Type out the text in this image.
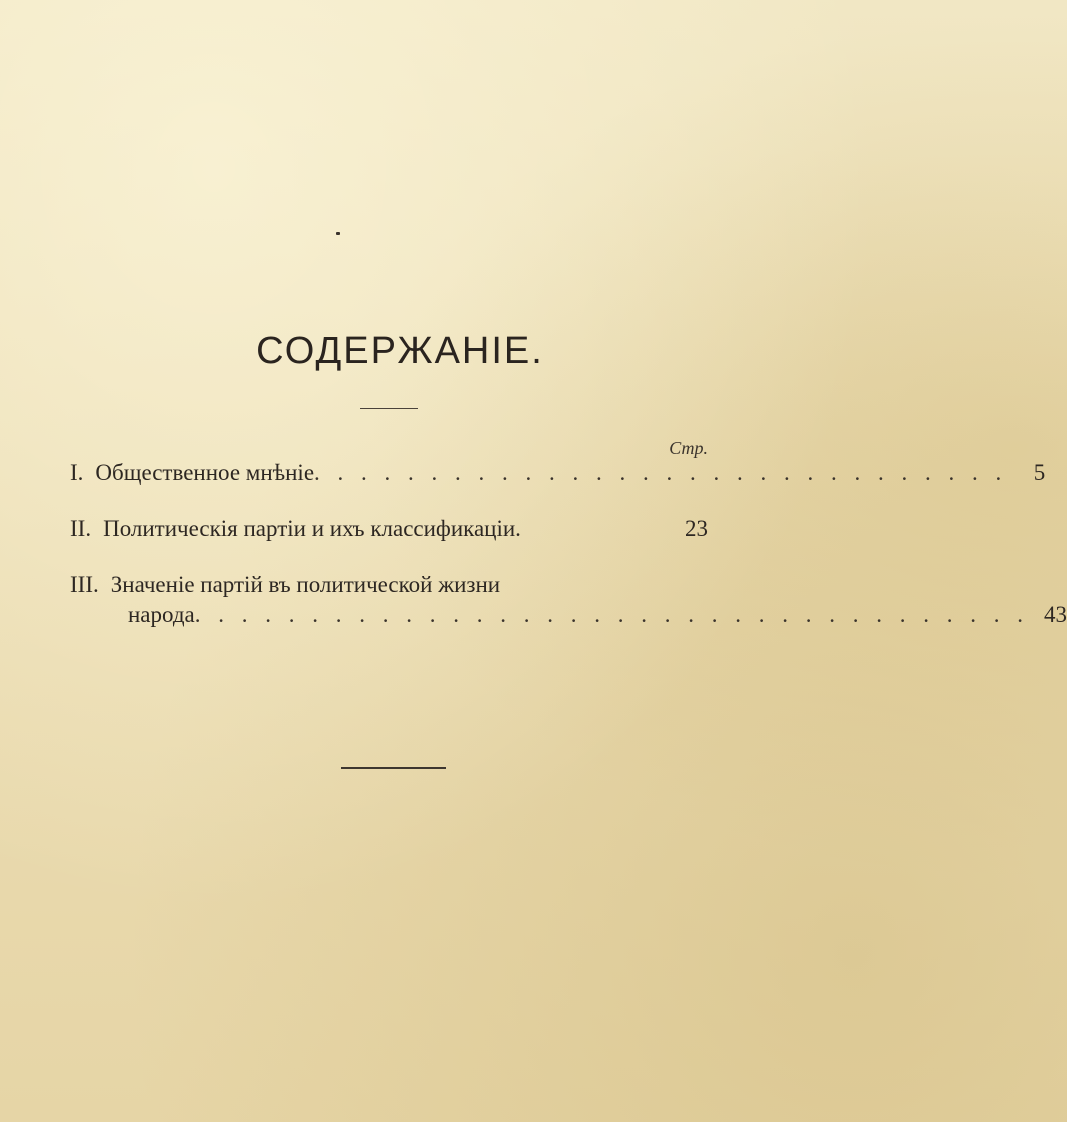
СОДЕРЖАНІЕ.
Стр.
I. Общественное мнѣніе . . . . . . . . . . . . . . . . . . . . . . . . . . . . . .	5
II. Политическія партіи и ихъ классификаціи.	23
III. Значеніе партій въ политической жизни
народа . . . . . . . . . . . . . . . . . . . . . . . . . . . . . . . . . . . . 43
